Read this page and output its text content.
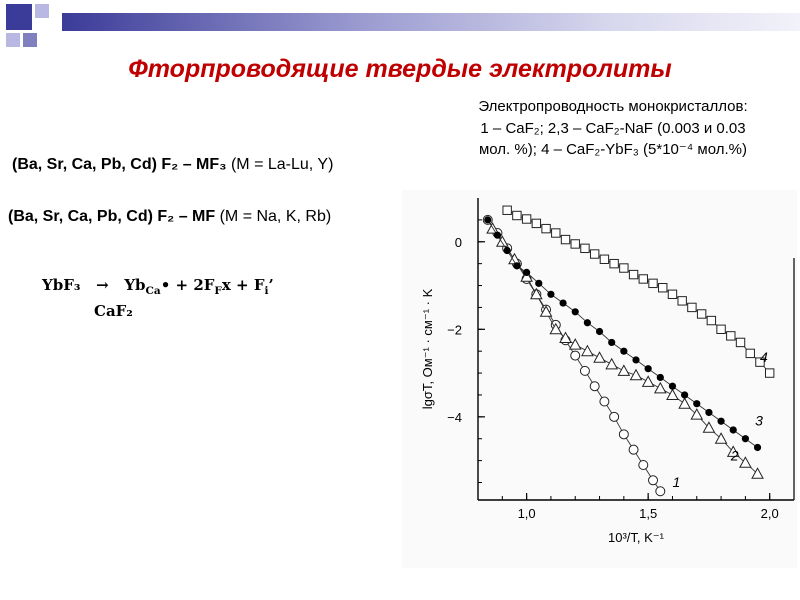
Фторпроводящие твердые электролиты
Электропроводность монокристаллов:
1 – CaF₂; 2,3 – CaF₂-NaF (0.003 и 0.03
мол. %); 4 – CaF₂-YbF₃ (5*10⁻⁴ мол.%)
(Ba, Sr, Ca, Pb, Cd) F₂ – MF₃ (M = La-Lu, Y)
(Ba, Sr, Ca, Pb, Cd) F₂ – MF (M = Na, K, Rb)
$YbF_3 \to Yb_{Ca}• + 2F_Fx + F_i$’
CaF₂
1,0	1,5	2,0
0
−2
−4
10³/T, K⁻¹
lgσT, Ом⁻¹ · см⁻¹ · K
1
2
3
4
